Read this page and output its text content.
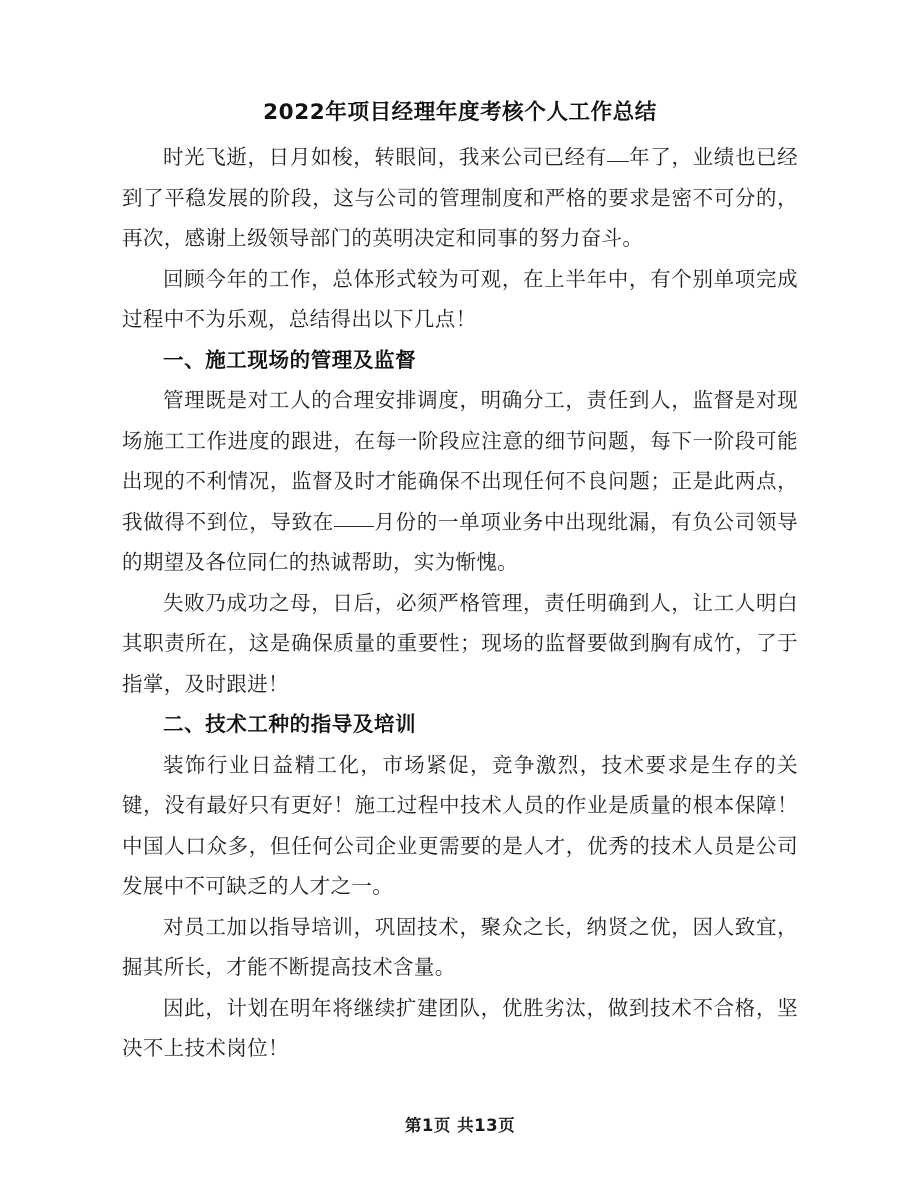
2022年项目经理年度考核个人工作总结

时光飞逝，日月如梭，转眼间，我来公司已经有 年了，业绩也已经到了平稳发展的阶段，这与公司的管理制度和严格的要求是密不可分的，再次，感谢上级领导部门的英明决定和同事的努力奋斗。

回顾今年的工作，总体形式较为可观，在上半年中，有个别单项完成过程中不为乐观，总结得出以下几点！

一、施工现场的管理及监督

管理既是对工人的合理安排调度，明确分工，责任到人，监督是对现场施工工作进度的跟进，在每一阶段应注意的细节问题，每下一阶段可能出现的不利情况，监督及时才能确保不出现任何不良问题；正是此两点，我做得不到位，导致在 月份的一单项业务中出现纰漏，有负公司领导的期望及各位同仁的热诚帮助，实为惭愧。

失败乃成功之母，日后，必须严格管理，责任明确到人，让工人明白其职责所在，这是确保质量的重要性；现场的监督要做到胸有成竹，了于指掌，及时跟进！

二、技术工种的指导及培训

装饰行业日益精工化，市场紧促，竞争激烈，技术要求是生存的关键，没有最好只有更好！施工过程中技术人员的作业是质量的根本保障！中国人口众多，但任何公司企业更需要的是人才，优秀的技术人员是公司发展中不可缺乏的人才之一。

对员工加以指导培训，巩固技术，聚众之长，纳贤之优，因人致宜，掘其所长，才能不断提高技术含量。

因此，计划在明年将继续扩建团队，优胜劣汰，做到技术不合格，坚决不上技术岗位！

第1页 共13页
